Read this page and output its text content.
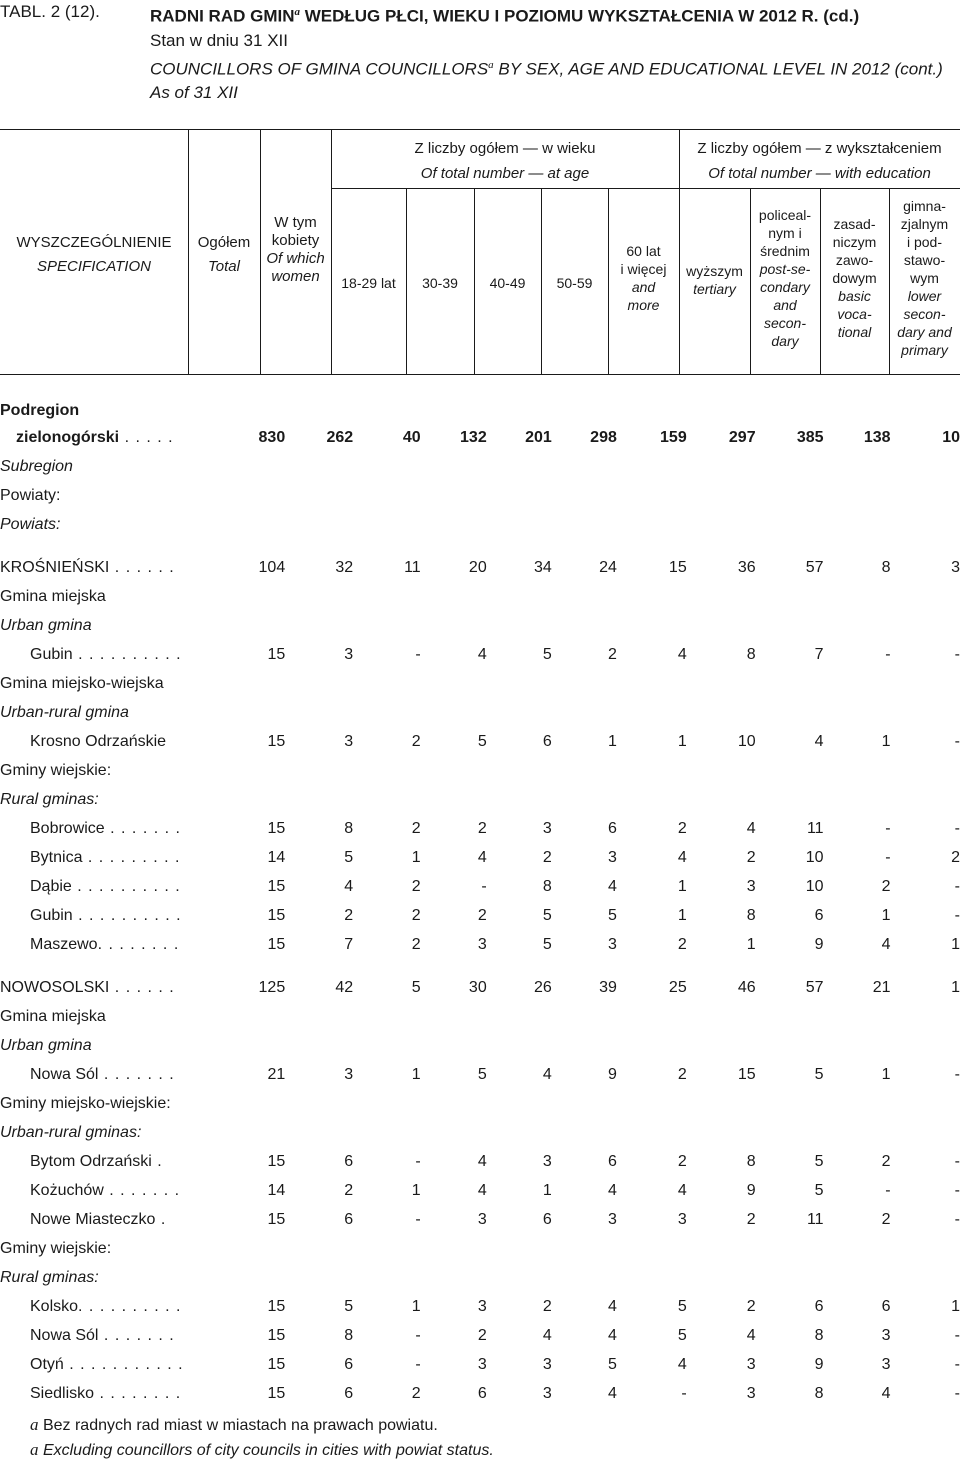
TABL. 2 (12).	RADNI RAD GMIN$^a$ WEDŁUG PŁCI, WIEKU I POZIOMU WYKSZTAŁCENIA W 2012 R. (cd.)
Stan w dniu 31 XII
COUNCILLORS OF GMINA COUNCILLORS$^a$ BY SEX, AGE AND EDUCATIONAL LEVEL IN 2012 (cont.)
As of 31 XII
WYSZCZEGÓLNIENIE
SPECIFICATION
Ogółem
Total
W tym
kobiety
Of which
women
Z liczby ogółem — w wieku
Of total number — at age
Z liczby ogółem — z wykształceniem
Of total number — with education
18-29 lat	30-39	40-49	50-59
60 lat
i więcej
and
more
wyższym
tertiary
policeal-
nym i
średnim
post-se-
condary
and
secon-
dary
zasad-
niczym
zawo-
dowym
basic
voca-
tional
gimna-
zjalnym
i pod-
stawo-
wym
lower
secon-
dary and
primary
Podregion											
zielonogórski . . . . .	830	262	40	132	201	298	159	297	385	138	10
Subregion											
Powiaty:											
Powiats:											

KROŚNIEŃSKI . . . . . .	104	32	11	20	34	24	15	36	57	8	3
Gmina miejska											
Urban gmina											
Gubin . . . . . . . . . .	15	3	-	4	5	2	4	8	7	-	-
Gmina miejsko-wiejska											
Urban-rural gmina											
Krosno Odrzańskie	15	3	2	5	6	1	1	10	4	1	-
Gminy wiejskie:											
Rural gminas:											
Bobrowice . . . . . . .	15	8	2	2	3	6	2	4	11	-	-
Bytnica . . . . . . . . .	14	5	1	4	2	3	4	2	10	-	2
Dąbie . . . . . . . . . .	15	4	2	-	8	4	1	3	10	2	-
Gubin . . . . . . . . . .	15	2	2	2	5	5	1	8	6	1	-
Maszewo. . . . . . . .	15	7	2	3	5	3	2	1	9	4	1

NOWOSOLSKI . . . . . .	125	42	5	30	26	39	25	46	57	21	1
Gmina miejska											
Urban gmina											
Nowa Sól . . . . . . .	21	3	1	5	4	9	2	15	5	1	-
Gminy miejsko-wiejskie:											
Urban-rural gminas:											
Bytom Odrzański .	15	6	-	4	3	6	2	8	5	2	-
Kożuchów . . . . . . .	14	2	1	4	1	4	4	9	5	-	-
Nowe Miasteczko .	15	6	-	3	6	3	3	2	11	2	-
Gminy wiejskie:											
Rural gminas:											
Kolsko. . . . . . . . . .	15	5	1	3	2	4	5	2	6	6	1
Nowa Sól . . . . . . .	15	8	-	2	4	4	5	4	8	3	-
Otyń . . . . . . . . . . .	15	6	-	3	3	5	4	3	9	3	-
Siedlisko . . . . . . . .	15	6	2	6	3	4	-	3	8	4	-
a Bez radnych rad miast w miastach na prawach powiatu.
a Excluding councillors of city councils in cities with powiat status.
